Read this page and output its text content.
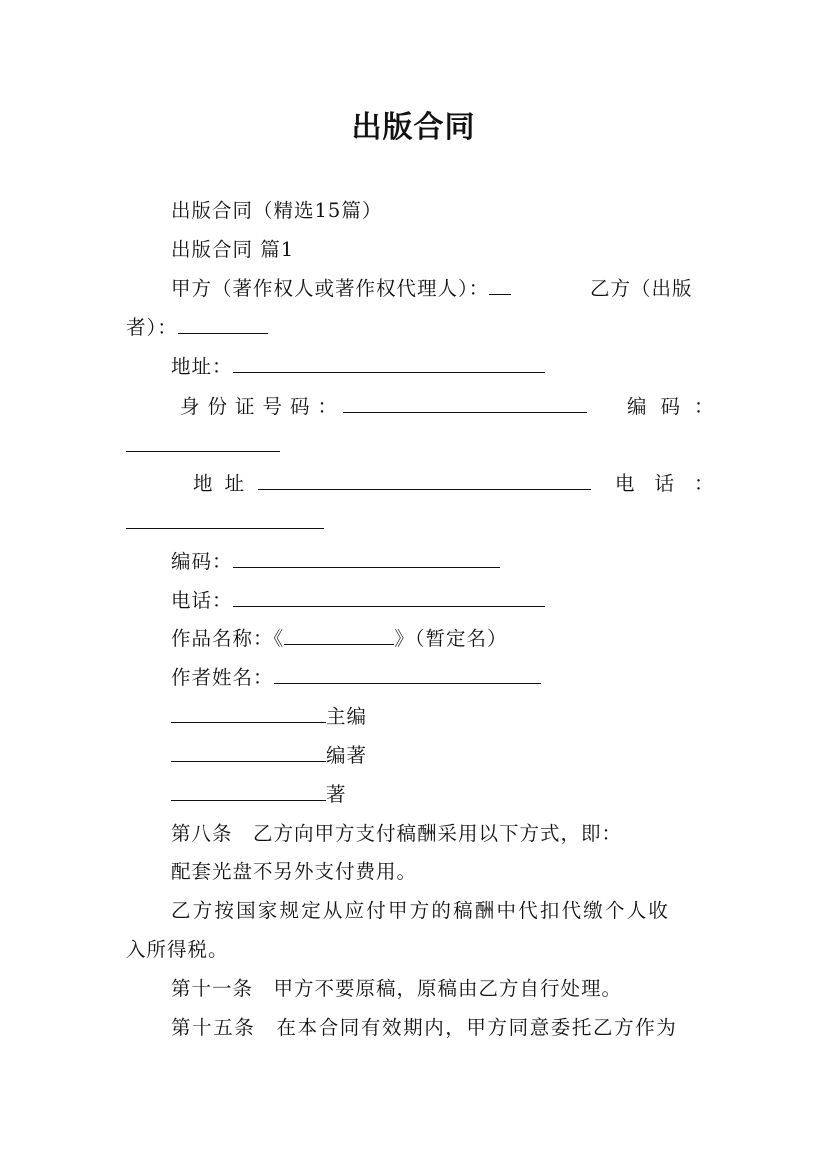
出版合同
出版合同（精选15篇）
出版合同 篇1
甲方（著作权人或著作权代理人）：	乙方（出版
者）：
地址：
身份证号码：	编码：
地址	电话：
编码：
电话：
作品名称：《	》（暂定名）
作者姓名：
主编
编著
著
第八条　乙方向甲方支付稿酬采用以下方式，即：
配套光盘不另外支付费用。
乙方按国家规定从应付甲方的稿酬中代扣代缴个人收
入所得税。
第十一条　甲方不要原稿，原稿由乙方自行处理。
第十五条　在本合同有效期内，甲方同意委托乙方作为
